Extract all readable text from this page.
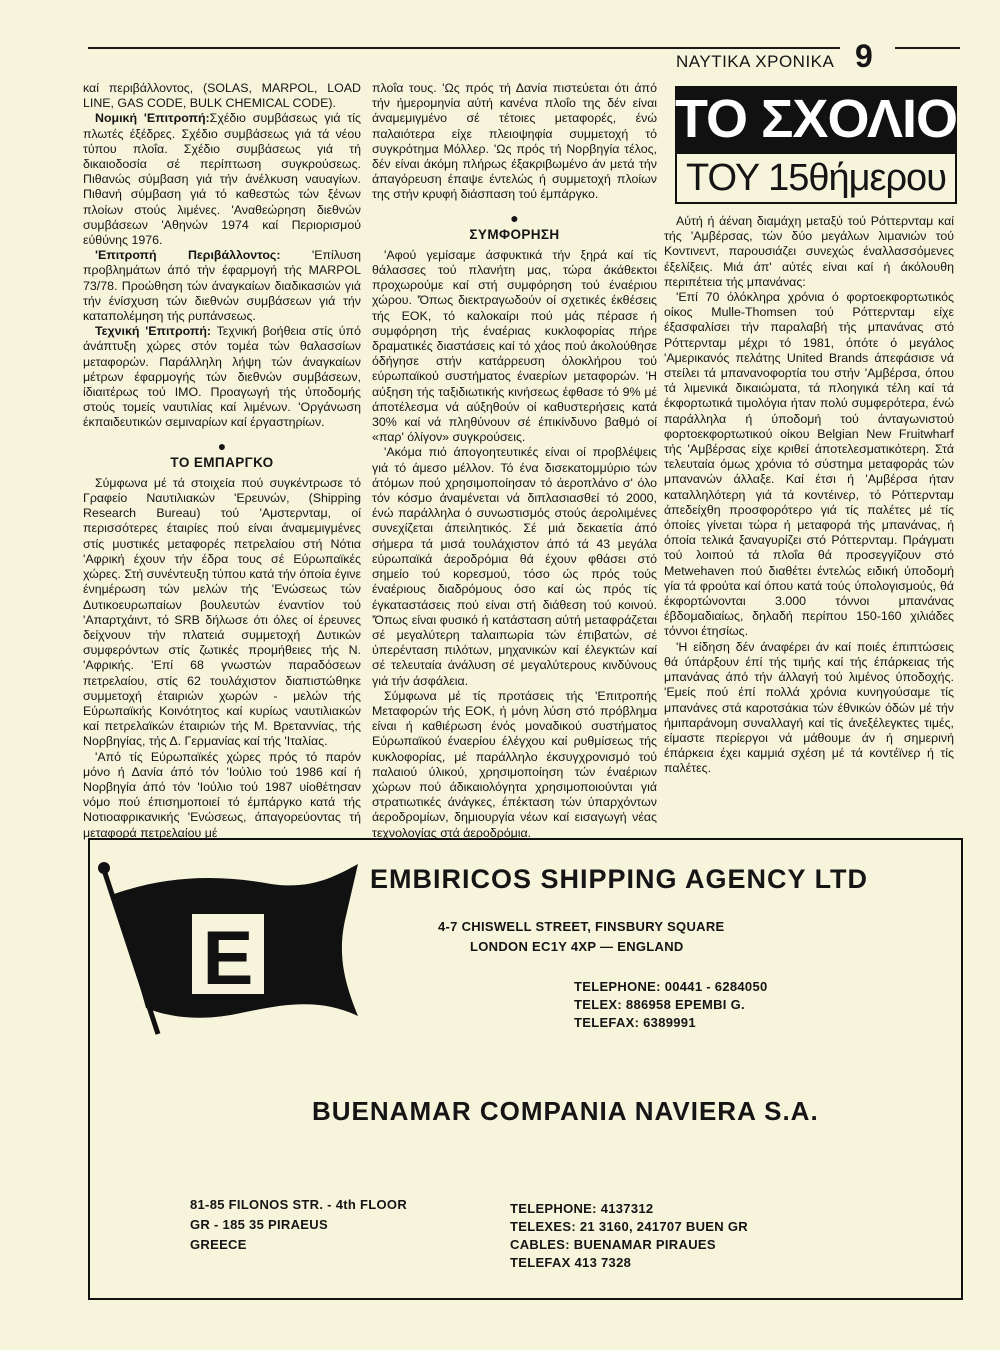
ΝΑΥΤΙΚΑ ΧΡΟΝΙΚΑ 9
ΤΟ ΣΧΟΛΙΟ
ΤΟΥ 15θήμερου

καί περιβάλλοντος, (SOLAS, MARPOL, LOAD LINE, GAS CODE, BULK CHEMICAL CODE).

Νομική 'Επιτροπή:Σχέδιο συμβάσεως γιά τίς πλωτές έξέδρες. Σχέδιο συμβάσεως γιά τά νέου τύπου πλοΐα. Σχέδιο συμβάσεως γιά τή δικαιοδοσία σέ περίπτωση συγκρούσεως. Πιθανώς σύμβαση γιά τήν άνέλκυση ναυαγίων. Πιθανή σύμβαση γιά τό καθεστώς τών ξένων πλοίων στούς λιμένες. 'Αναθεώρηση διεθνών συμβάσεων 'Αθηνών 1974 καί Περιορισμού εύθύνης 1976.

'Επιτροπή Περιβάλλοντος:	'Επίλυση προβλημάτων άπό τήν έφαρμογή τής MARPOL 73/78. Προώθηση τών άναγκαίων διαδικασιών γιά τήν ένίσχυση τών διεθνών συμβάσεων γιά τήν καταπολέμηση τής ρυπάνσεως.

Τεχνική 'Επιτροπή: Τεχνική βοήθεια στίς ύπό άνάπτυξη χώρες στόν τομέα τών θαλασσίων μεταφορών. Παράλληλη λήψη τών άναγκαίων μέτρων έφαρμογής τών διεθνών συμβάσεων, ίδιαιτέρως τού ΙΜΟ. Προαγωγή τής ύποδομής στούς τομείς ναυτιλίας καί λιμένων. 'Οργάνωση έκπαιδευτικών σεμιναρίων καί έργαστηρίων.

●
ΤΟ ΕΜΠΑΡΓΚΟ

Σύμφωνα μέ τά στοιχεία πού συγκέντρωσε τό Γραφείο Ναυτιλιακών 'Ερευνών, (Shipping Research Bureau) τού 'Αμστερνταμ, οί περισσότερες έταιρίες πού είναι άναμεμιγμένες στίς μυστικές μεταφορές πετρελαίου στή Νότια 'Αφρική έχουν τήν έδρα τους σέ Εύρωπαϊκές χώρες. Στή συνέντευξη τύπου κατά τήν όποία έγινε ένημέρωση τών μελών τής 'Ενώσεως τών Δυτικοευρωπαίων βουλευτών έναντίον τού 'Απαρτχάιντ, τό SRB δήλωσε ότι όλες οί έρευνες δείχνουν τήν πλατειά συμμετοχή Δυτικών συμφερόντων στίς ζωτικές προμήθειες τής Ν. 'Αφρικής. 'Επί 68 γνωστών παραδόσεων πετρελαίου, στίς 62 τουλάχιστον διαπιστώθηκε συμμετοχή έταιριών χωρών - μελών τής Εύρωπαϊκής Κοινότητος καί κυρίως ναυτιλιακών καί πετρελαϊκών έταιριών τής Μ. Βρεταννίας, τής Νορβηγίας, τής Δ. Γερμανίας καί τής 'Ιταλίας.

'Από τίς Εύρωπαϊκές χώρες πρός τό παρόν μόνο ή Δανία άπό τόν 'Ιούλιο τού 1986 καί ή Νορβηγία άπό τόν 'Ιούλιο τού 1987 υίοθέτησαν νόμο πού έπισημοποιεί τό έμπάργκο κατά τής Νοτιοαφρικανικής 'Ενώσεως, άπαγορεύοντας τή μεταφορά πετρελαίου μέ

πλοΐα τους. 'Ως πρός τή Δανία πιστεύεται ότι άπό τήν ήμερομηνία αύτή κανένα πλοΐο της δέν είναι άναμεμιγμένο σέ τέτοιες μεταφορές, ένώ παλαιότερα είχε πλειοψηφία συμμετοχή τό συγκρότημα Μόλλερ. 'Ως πρός τή Νορβηγία τέλος, δέν είναι άκόμη πλήρως έξακριβωμένο άν μετά τήν άπαγόρευση έπαψε έντελώς ή συμμετοχή πλοίων της στήν κρυφή διάσπαση τού έμπάργκο.

●
ΣΥΜΦΟΡΗΣΗ

'Αφού γεμίσαμε άσφυκτικά τήν ξηρά καί τίς θάλασσες τού πλανήτη μας, τώρα άκάθεκτοι προχωρούμε καί στή συμφόρηση τού έναέριου χώρου. 'Όπως διεκτραγωδούν οί σχετικές έκθέσεις τής ΕΟΚ, τό καλοκαίρι πού μάς πέρασε ή συμφόρηση τής έναέριας κυκλοφορίας πήρε δραματικές διαστάσεις καί τό χάος πού άκολούθησε όδήγησε στήν κατάρρευση όλοκλήρου τού εύρωπαϊκού συστήματος έναερίων μεταφορών. 'Η αύξηση τής ταξιδιωτικής κινήσεως έφθασε τό 9% μέ άποτέλεσμα νά αύξηθούν οί καθυστερήσεις κατά 30% καί νά πληθύνουν σέ έπικίνδυνο βαθμό οί «παρ' όλίγον» συγκρούσεις.

'Ακόμα πιό άπογοητευτικές είναι οί προβλέψεις γιά τό άμεσο μέλλον. Τό ένα δισεκατομμύριο τών άτόμων πού χρησιμοποίησαν τό άεροπλάνο σ' όλο τόν κόσμο άναμένεται νά διπλασιασθεί τό 2000, ένώ παράλληλα ό συνωστισμός στούς άερολιμένες συνεχίζεται άπειλητικός. Σέ μιά δεκαετία άπό σήμερα τά μισά τουλάχιστον άπό τά 43 μεγάλα εύρωπαϊκά άεροδρόμια θά έχουν φθάσει στό σημείο τού κορεσμού, τόσο ώς πρός τούς έναέριους διαδρόμους όσο καί ώς πρός τίς έγκαταστάσεις πού είναι στή διάθεση τού κοινού. 'Όπως είναι φυσικό ή κατάσταση αύτή μεταφράζεται σέ μεγαλύτερη ταλαιπωρία τών έπιβατών, σέ ύπερένταση πιλότων, μηχανικών καί έλεγκτών καί σέ τελευταία άνάλυση σέ μεγαλύτερους κινδύνους γιά τήν άσφάλεια.

Σύμφωνα μέ τίς προτάσεις τής 'Επιτροπής Μεταφορών τής ΕΟΚ, ή μόνη λύση στό πρόβλημα είναι ή καθιέρωση ένός μοναδικού συστήματος Εύρωπαϊκού έναερίου έλέγχου καί ρυθμίσεως τής κυκλοφορίας, μέ παράλληλο έκσυγχρονισμό τού παλαιού ύλικού, χρησιμοποίηση τών έναέριων χώρων πού άδικαιολόγητα χρησιμοποιούνται γιά στρατιωτικές άνάγκες, έπέκταση τών ύπαρχόντων άεροδρομίων, δημιουργία νέων καί εισαγωγή νέας τεχνολογίας στά άεροδρόμια.

Αύτή ή άέναη διαμάχη μεταξύ τού Ρόττερνταμ καί τής 'Αμβέρσας, τών δύο μεγάλων λιμανιών τού Κοντινεντ, παρουσιάζει συνεχώς έναλλασσόμενες έξελίξεις. Μιά άπ' αύτές είναι καί ή άκόλουθη περιπέτεια τής μπανάνας:

'Επί 70 όλόκληρα χρόνια ό φορτοεκφορτωτικός οίκος Mulle-Thomsen τού Ρόττερνταμ είχε έξασφαλίσει τήν παραλαβή τής μπανάνας στό Ρόττερνταμ μέχρι τό 1981, όπότε ό μεγάλος 'Αμερικανός πελάτης United Brands άπεφάσισε νά στείλει τά μπανανοφορτία του στήν 'Αμβέρσα, όπου τά λιμενικά δικαιώματα, τά πλοηγικά τέλη καί τά έκφορτωτικά τιμολόγια ήταν πολύ συμφερότερα, ένώ παράλληλα ή ύποδομή τού άνταγωνιστού φορτοεκφορτωτικού οίκου Belgian New Fruitwharf τής 'Αμβέρσας είχε κριθεί άποτελεσματικότερη. Στά τελευταία όμως χρόνια τό σύστημα μεταφοράς τών μπανανών άλλαξε. Καί έτσι ή 'Αμβέρσα ήταν καταλληλότερη γιά τά κοντέινερ, τό Ρόττερνταμ άπεδείχθη προσφορότερο γιά τίς παλέτες μέ τίς όποίες γίνεται τώρα ή μεταφορά τής μπανάνας, ή όποία τελικά ξαναγυρίζει στό Ρόττερνταμ. Πράγματι τού λοιπού τά πλοΐα θά προσεγγίζουν στό Metwehaven πού διαθέτει έντελώς ειδική ύποδομή γία τά φρούτα καί όπου κατά τούς ύπολογισμούς, θά έκφορτώνονται 3.000 τόννοι μπανάνας έβδομαδιαίως, δηλαδή περίπου 150-160 χιλιάδες τόννοι έτησίως.

'Η είδηση δέν άναφέρει άν καί ποιές έπιπτώσεις θά ύπάρξουν έπί τής τιμής καί τής έπάρκειας τής μπανάνας άπό τήν άλλαγή τού λιμένος ύποδοχής. 'Εμείς πού έπί πολλά χρόνια κυνηγούσαμε τίς μπανάνες στά καροτσάκια τών έθνικών όδών μέ τήν ήμιπαράνομη συναλλαγή καί τίς άνεξέλεγκτες τιμές, είμαστε περίεργοι νά μάθουμε άν ή σημερινή έπάρκεια έχει καμμιά σχέση μέ τά κοντέϊνερ ή τίς παλέτες.

E
EMBIRICOS SHIPPING AGENCY LTD
4-7 CHISWELL STREET, FINSBURY SQUARE
LONDON EC1Y 4XP — ENGLAND
TELEPHONE: 00441 - 6284050
TELEX: 886958 EPEMBI G.
TELEFAX: 6389991
BUENAMAR COMPANIA NAVIERA S.A.
81-85 FILONOS STR. - 4th FLOOR
GR - 185 35 PIRAEUS
GREECE
TELEPHONE: 4137312
TELEXES: 21 3160, 241707 BUEN GR
CABLES: BUENAMAR PIRAUES
TELEFAX 413 7328
